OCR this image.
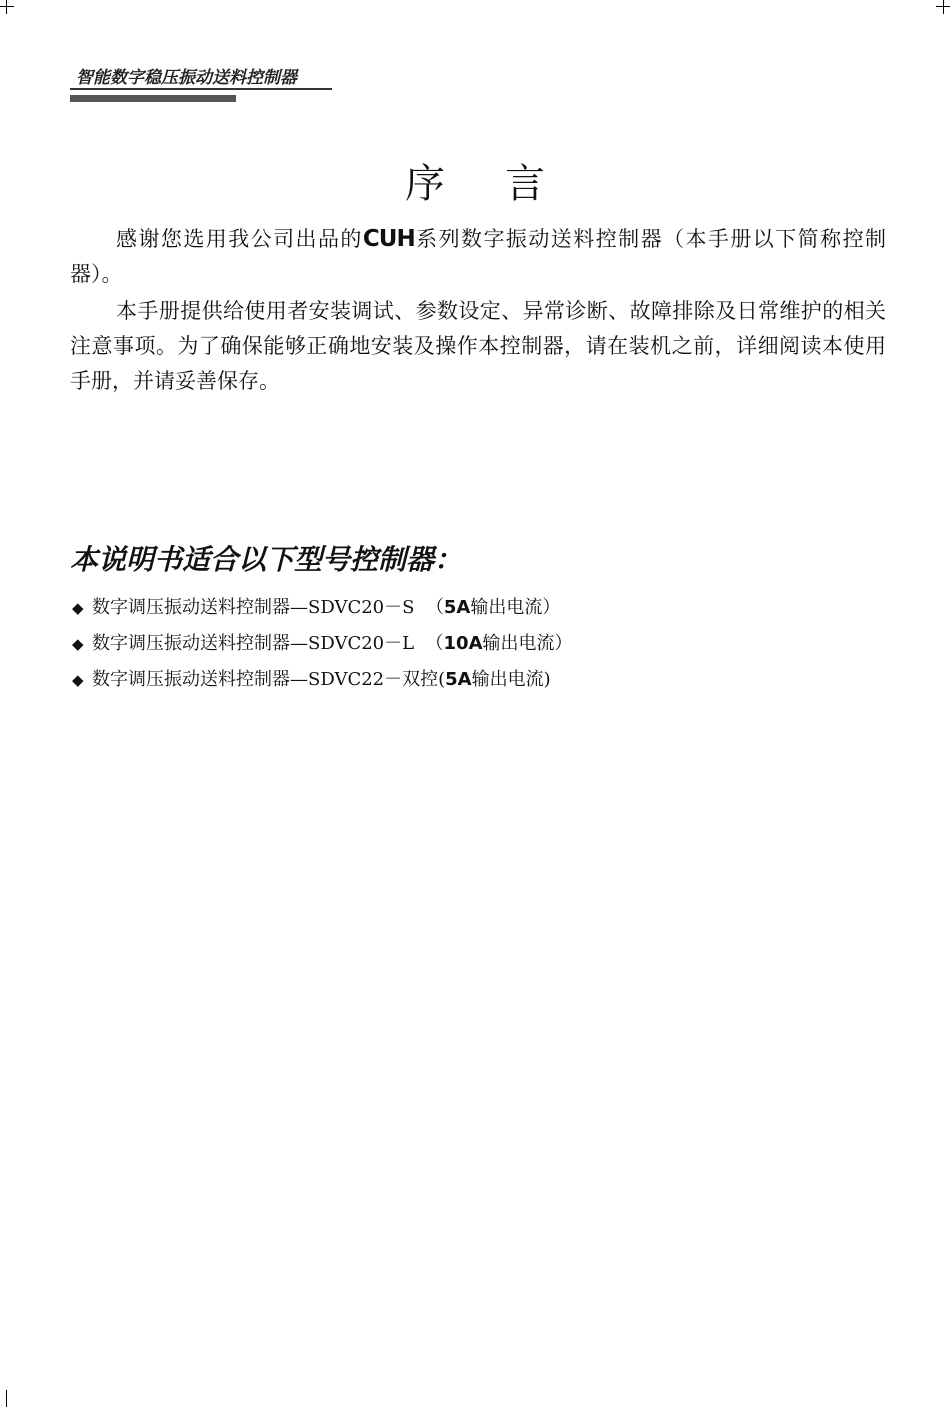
智能数字稳压振动送料控制器
序言

感谢您选用我公司出品的CUH系列数字振动送料控制器（本手册以下简称控制器）。

本手册提供给使用者安装调试、参数设定、异常诊断、故障排除及日常维护的相关注意事项。为了确保能够正确地安装及操作本控制器，请在装机之前，详细阅读本使用手册，并请妥善保存。

本说明书适合以下型号控制器：
◆ 数字调压振动送料控制器—SDVC20－S （5A输出电流）
◆ 数字调压振动送料控制器—SDVC20－L （10A输出电流）
◆ 数字调压振动送料控制器—SDVC22－双控(5A输出电流)
